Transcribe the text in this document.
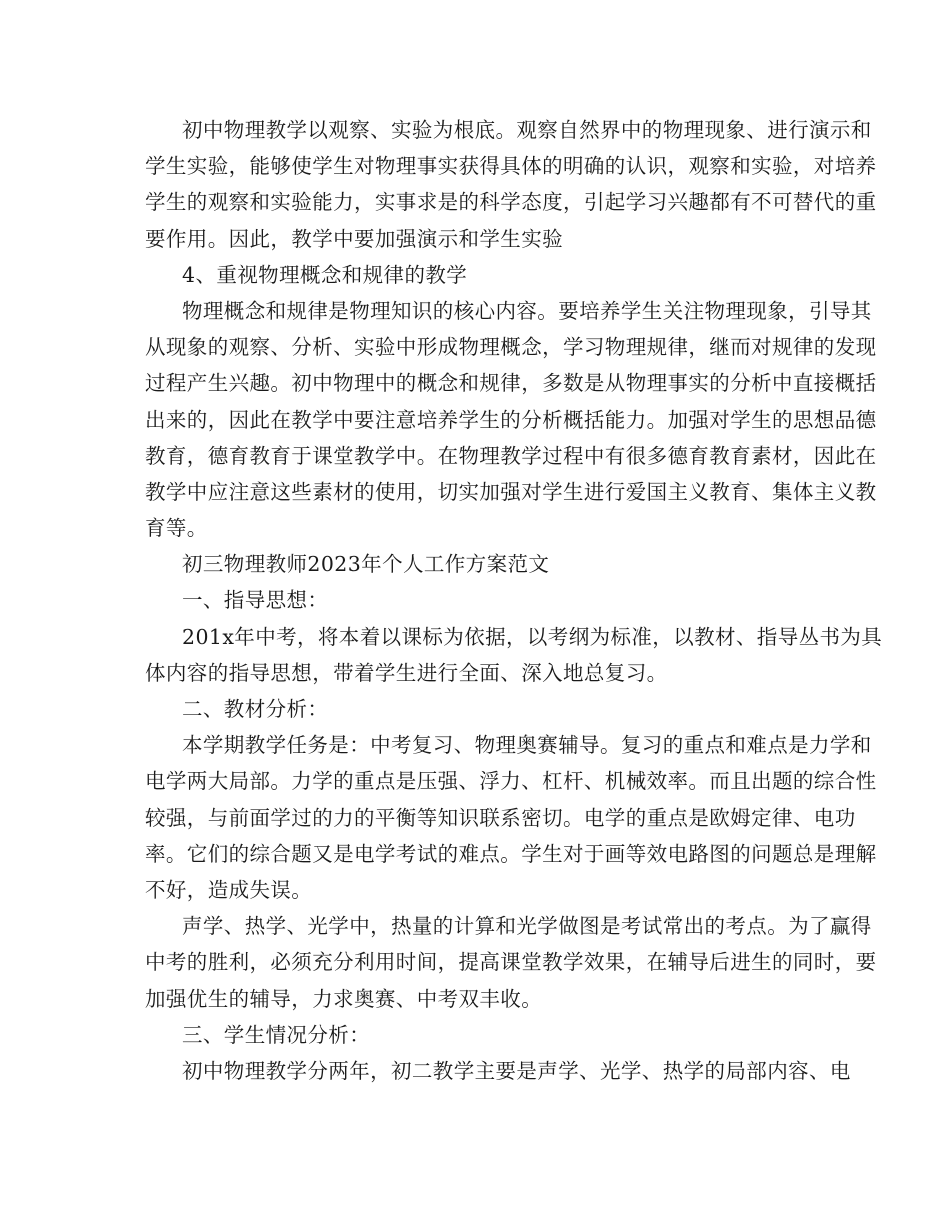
初中物理教学以观察、实验为根底。观察自然界中的物理现象、进行演示和
学生实验，能够使学生对物理事实获得具体的明确的认识，观察和实验，对培养
学生的观察和实验能力，实事求是的科学态度，引起学习兴趣都有不可替代的重
要作用。因此，教学中要加强演示和学生实验
4、重视物理概念和规律的教学
物理概念和规律是物理知识的核心内容。要培养学生关注物理现象，引导其
从现象的观察、分析、实验中形成物理概念，学习物理规律，继而对规律的发现
过程产生兴趣。初中物理中的概念和规律，多数是从物理事实的分析中直接概括
出来的，因此在教学中要注意培养学生的分析概括能力。加强对学生的思想品德
教育，德育教育于课堂教学中。在物理教学过程中有很多德育教育素材，因此在
教学中应注意这些素材的使用，切实加强对学生进行爱国主义教育、集体主义教
育等。
初三物理教师2023年个人工作方案范文
一、指导思想：
201x年中考，将本着以课标为依据，以考纲为标准，以教材、指导丛书为具
体内容的指导思想，带着学生进行全面、深入地总复习。
二、教材分析：
本学期教学任务是：中考复习、物理奥赛辅导。复习的重点和难点是力学和
电学两大局部。力学的重点是压强、浮力、杠杆、机械效率。而且出题的综合性
较强，与前面学过的力的平衡等知识联系密切。电学的重点是欧姆定律、电功
率。它们的综合题又是电学考试的难点。学生对于画等效电路图的问题总是理解
不好，造成失误。
声学、热学、光学中，热量的计算和光学做图是考试常出的考点。为了赢得
中考的胜利，必须充分利用时间，提高课堂教学效果，在辅导后进生的同时，要
加强优生的辅导，力求奥赛、中考双丰收。
三、学生情况分析：
初中物理教学分两年，初二教学主要是声学、光学、热学的局部内容、电
